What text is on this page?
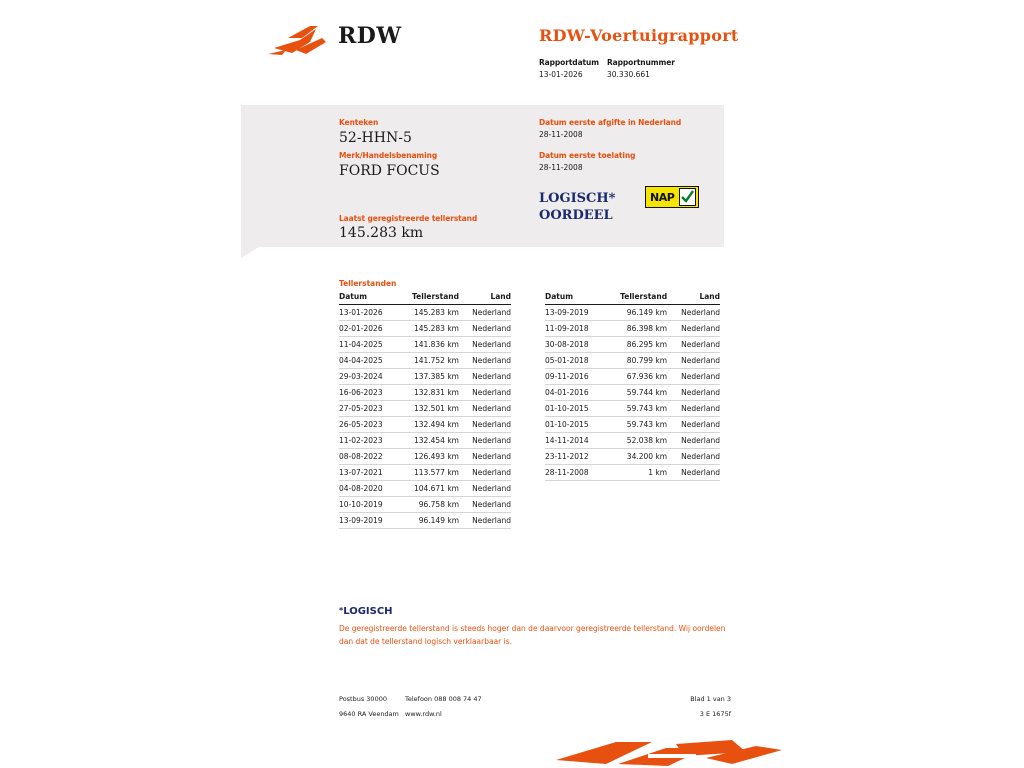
RDW	RDW-Voertuigrapport
Rapportdatum
13-01-2026
Rapportnummer
30.330.661
Kenteken
52-HHN-5
Merk/Handelsbenaming
FORD FOCUS
Laatst geregistreerde tellerstand
145.283 km
Datum eerste afgifte in Nederland
28-11-2008
Datum eerste toelating
28-11-2008
LOGISCH*
OORDEEL
NAP
Tellerstanden
Datum	Tellerstand	Land
13-01-2026	145.283 km	Nederland
02-01-2026	145.283 km	Nederland
11-04-2025	141.836 km	Nederland
04-04-2025	141.752 km	Nederland
29-03-2024	137.385 km	Nederland
16-06-2023	132.831 km	Nederland
27-05-2023	132.501 km	Nederland
26-05-2023	132.494 km	Nederland
11-02-2023	132.454 km	Nederland
08-08-2022	126.493 km	Nederland
13-07-2021	113.577 km	Nederland
04-08-2020	104.671 km	Nederland
10-10-2019	96.758 km	Nederland
13-09-2019	96.149 km	Nederland
Datum	Tellerstand	Land
13-09-2019	96.149 km	Nederland
11-09-2018	86.398 km	Nederland
30-08-2018	86.295 km	Nederland
05-01-2018	80.799 km	Nederland
09-11-2016	67.936 km	Nederland
04-01-2016	59.744 km	Nederland
01-10-2015	59.743 km	Nederland
01-10-2015	59.743 km	Nederland
14-11-2014	52.038 km	Nederland
23-11-2012	34.200 km	Nederland
28-11-2008	1 km	Nederland
*LOGISCH
De geregistreerde tellerstand is steeds hoger dan de daarvoor geregistreerde tellerstand. Wij oordelen dan dat de tellerstand logisch verklaarbaar is.
Postbus 30000	Telefoon 088 008 74 47	Blad 1 van 3
9640 RA Veendam www.rdw.nl	3 E 1675f
